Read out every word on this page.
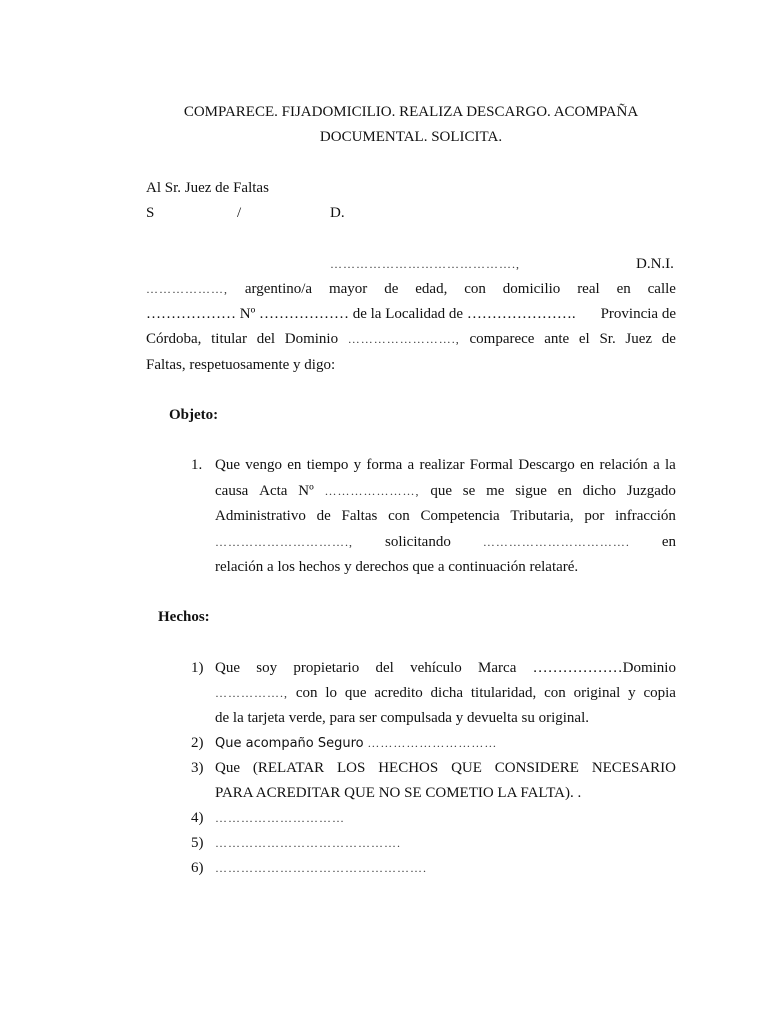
COMPARECE. FIJADOMICILIO. REALIZA DESCARGO. ACOMPAÑA
DOCUMENTAL. SOLICITA.
Al Sr. Juez de Faltas
S	/	D.
…………………………………….,	D.N.I.
………………, argentino/a mayor de edad, con domicilio real en calle
……………… Nº ……………… de la Localidad de …………………. Provincia de
Córdoba, titular del Dominio ……………………., comparece ante el Sr. Juez de
Faltas, respetuosamente y digo:
Objeto:
1. Que vengo en tiempo y forma a realizar Formal Descargo en relación a la
causa Acta Nº …………………, que se me sigue en dicho Juzgado
Administrativo de Faltas con Competencia Tributaria, por infracción
…………………………., solicitando	……………………………. en
relación a los hechos y derechos que a continuación relataré.
Hechos:
1) Que soy propietario del vehículo Marca ………………Dominio
……………., con lo que acredito dicha titularidad, con original y copia
de la tarjeta verde, para ser compulsada y devuelta su original.
2) Que acompaño Seguro …………………………
3) Que (RELATAR LOS HECHOS QUE CONSIDERE NECESARIO
PARA ACREDITAR QUE NO SE COMETIO LA FALTA). .
4) …………………………
5) …………………………………….
6) ………………………………………….
